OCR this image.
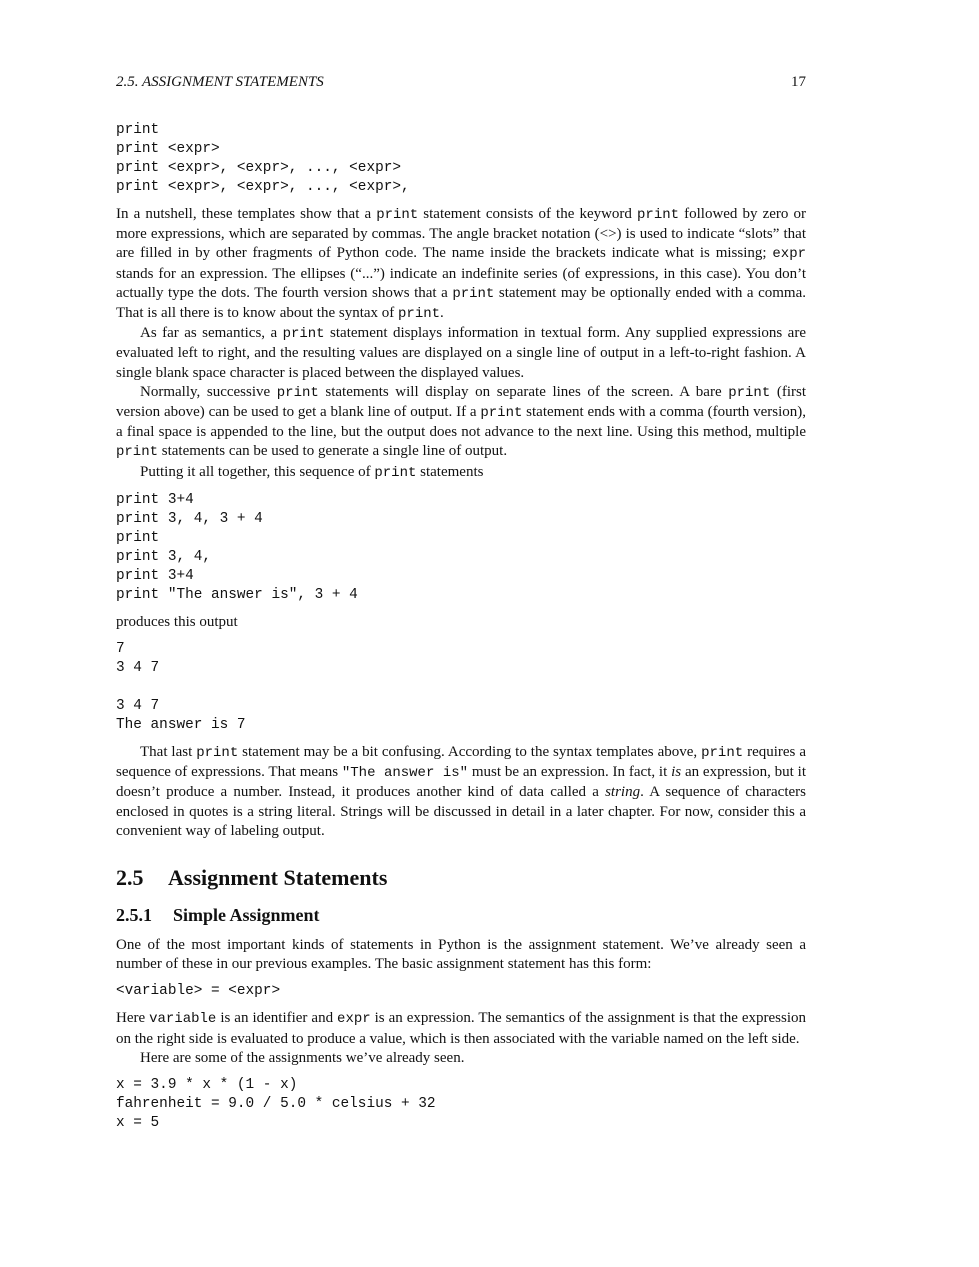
2.5. ASSIGNMENT STATEMENTS	17
print
print <expr>
print <expr>, <expr>, ..., <expr>
print <expr>, <expr>, ..., <expr>,

In a nutshell, these templates show that a print statement consists of the keyword print followed by zero or more expressions, which are separated by commas. The angle bracket notation (<>) is used to indicate “slots” that are filled in by other fragments of Python code. The name inside the brackets indicate what is missing; expr stands for an expression. The ellipses (“...”) indicate an indefinite series (of expressions, in this case). You don’t actually type the dots. The fourth version shows that a print statement may be optionally ended with a comma. That is all there is to know about the syntax of print.

As far as semantics, a print statement displays information in textual form. Any supplied expressions are evaluated left to right, and the resulting values are displayed on a single line of output in a left-to-right fashion. A single blank space character is placed between the displayed values.

Normally, successive print statements will display on separate lines of the screen. A bare print (first version above) can be used to get a blank line of output. If a print statement ends with a comma (fourth version), a final space is appended to the line, but the output does not advance to the next line. Using this method, multiple print statements can be used to generate a single line of output.

Putting it all together, this sequence of print statements

print 3+4
print 3, 4, 3 + 4
print
print 3, 4,
print 3+4
print "The answer is", 3 + 4

produces this output

7
3 4 7

3 4 7
The answer is 7

That last print statement may be a bit confusing. According to the syntax templates above, print requires a sequence of expressions. That means "The answer is" must be an expression. In fact, it is an expression, but it doesn’t produce a number. Instead, it produces another kind of data called a string. A sequence of characters enclosed in quotes is a string literal. Strings will be discussed in detail in a later chapter. For now, consider this a convenient way of labeling output.

2.5 Assignment Statements
2.5.1 Simple Assignment

One of the most important kinds of statements in Python is the assignment statement. We’ve already seen a number of these in our previous examples. The basic assignment statement has this form:

<variable> = <expr>

Here variable is an identifier and expr is an expression. The semantics of the assignment is that the expression on the right side is evaluated to produce a value, which is then associated with the variable named on the left side.

Here are some of the assignments we’ve already seen.

x = 3.9 * x * (1 - x)
fahrenheit = 9.0 / 5.0 * celsius + 32
x = 5
